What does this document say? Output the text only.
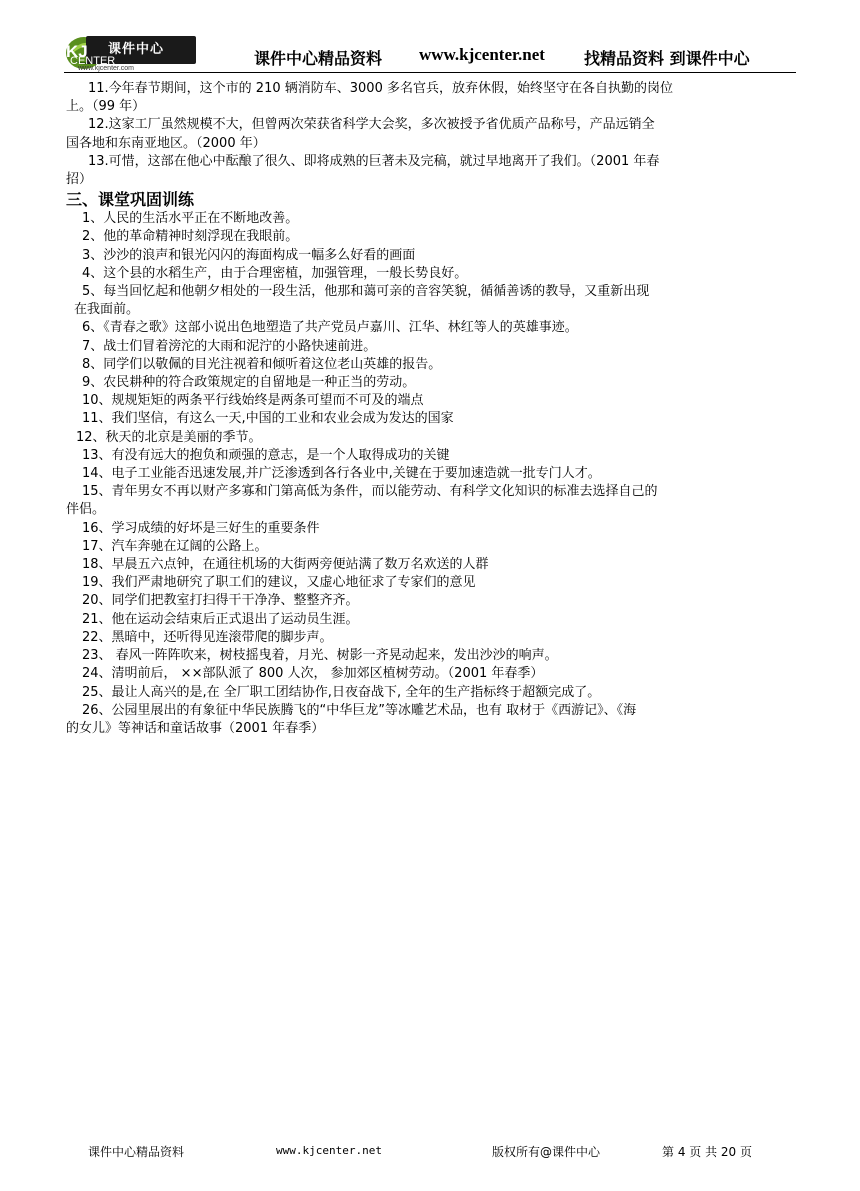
KJ 课件中心
CENTER
www.kjcenter.com
课件中心精品资料 www.kjcenter.net 找精品资料 到课件中心
11.今年春节期间，这个市的 210 辆消防车、3000 多名官兵，放弃休假，始终坚守在各自执勤的岗位
上。（99 年）
12.这家工厂虽然规模不大，但曾两次荣获省科学大会奖，多次被授予省优质产品称号，产品远销全
国各地和东南亚地区。（2000 年）
13.可惜，这部在他心中酝酿了很久、即将成熟的巨著未及完稿，就过早地离开了我们。（2001 年春
招）
三、课堂巩固训练
1、人民的生活水平正在不断地改善。
2、他的革命精神时刻浮现在我眼前。
3、沙沙的浪声和银光闪闪的海面构成一幅多么好看的画面
4、这个县的水稻生产，由于合理密植，加强管理，一般长势良好。
5、每当回忆起和他朝夕相处的一段生活，他那和蔼可亲的音容笑貌，循循善诱的教导，又重新出现
在我面前。
6、《青春之歌》这部小说出色地塑造了共产党员卢嘉川、江华、林红等人的英雄事迹。
7、战士们冒着滂沱的大雨和泥泞的小路快速前进。
8、同学们以敬佩的目光注视着和倾听着这位老山英雄的报告。
9、农民耕种的符合政策规定的自留地是一种正当的劳动。
10、规规矩矩的两条平行线始终是两条可望而不可及的端点
11、我们坚信，有这么一天,中国的工业和农业会成为发达的国家
12、秋天的北京是美丽的季节。
13、有没有远大的抱负和顽强的意志，是一个人取得成功的关键
14、电子工业能否迅速发展,并广泛渗透到各行各业中,关键在于要加速造就一批专门人才。
15、青年男女不再以财产多寡和门第高低为条件，而以能劳动、有科学文化知识的标准去选择自己的
伴侣。
16、学习成绩的好坏是三好生的重要条件
17、汽车奔驰在辽阔的公路上。
18、早晨五六点钟，在通往机场的大街两旁便站满了数万名欢送的人群
19、我们严肃地研究了职工们的建议，又虚心地征求了专家们的意见
20、同学们把教室打扫得干干净净、整整齐齐。
21、他在运动会结束后正式退出了运动员生涯。
22、黑暗中，还听得见连滚带爬的脚步声。
23、 春风一阵阵吹来，树枝摇曳着，月光、树影一齐晃动起来，发出沙沙的响声。
24、清明前后， ××部队派了 800 人次， 参加郊区植树劳动。（2001 年春季）
25、最让人高兴的是,在 全厂职工团结协作,日夜奋战下, 全年的生产指标终于超额完成了。
26、公园里展出的有象征中华民族腾飞的“中华巨龙”等冰雕艺术品，也有 取材于《西游记》、《海
的女儿》等神话和童话故事（2001 年春季）
课件中心精品资料	www.kjcenter.net	版权所有@课件中心	第 4 页 共 20 页
